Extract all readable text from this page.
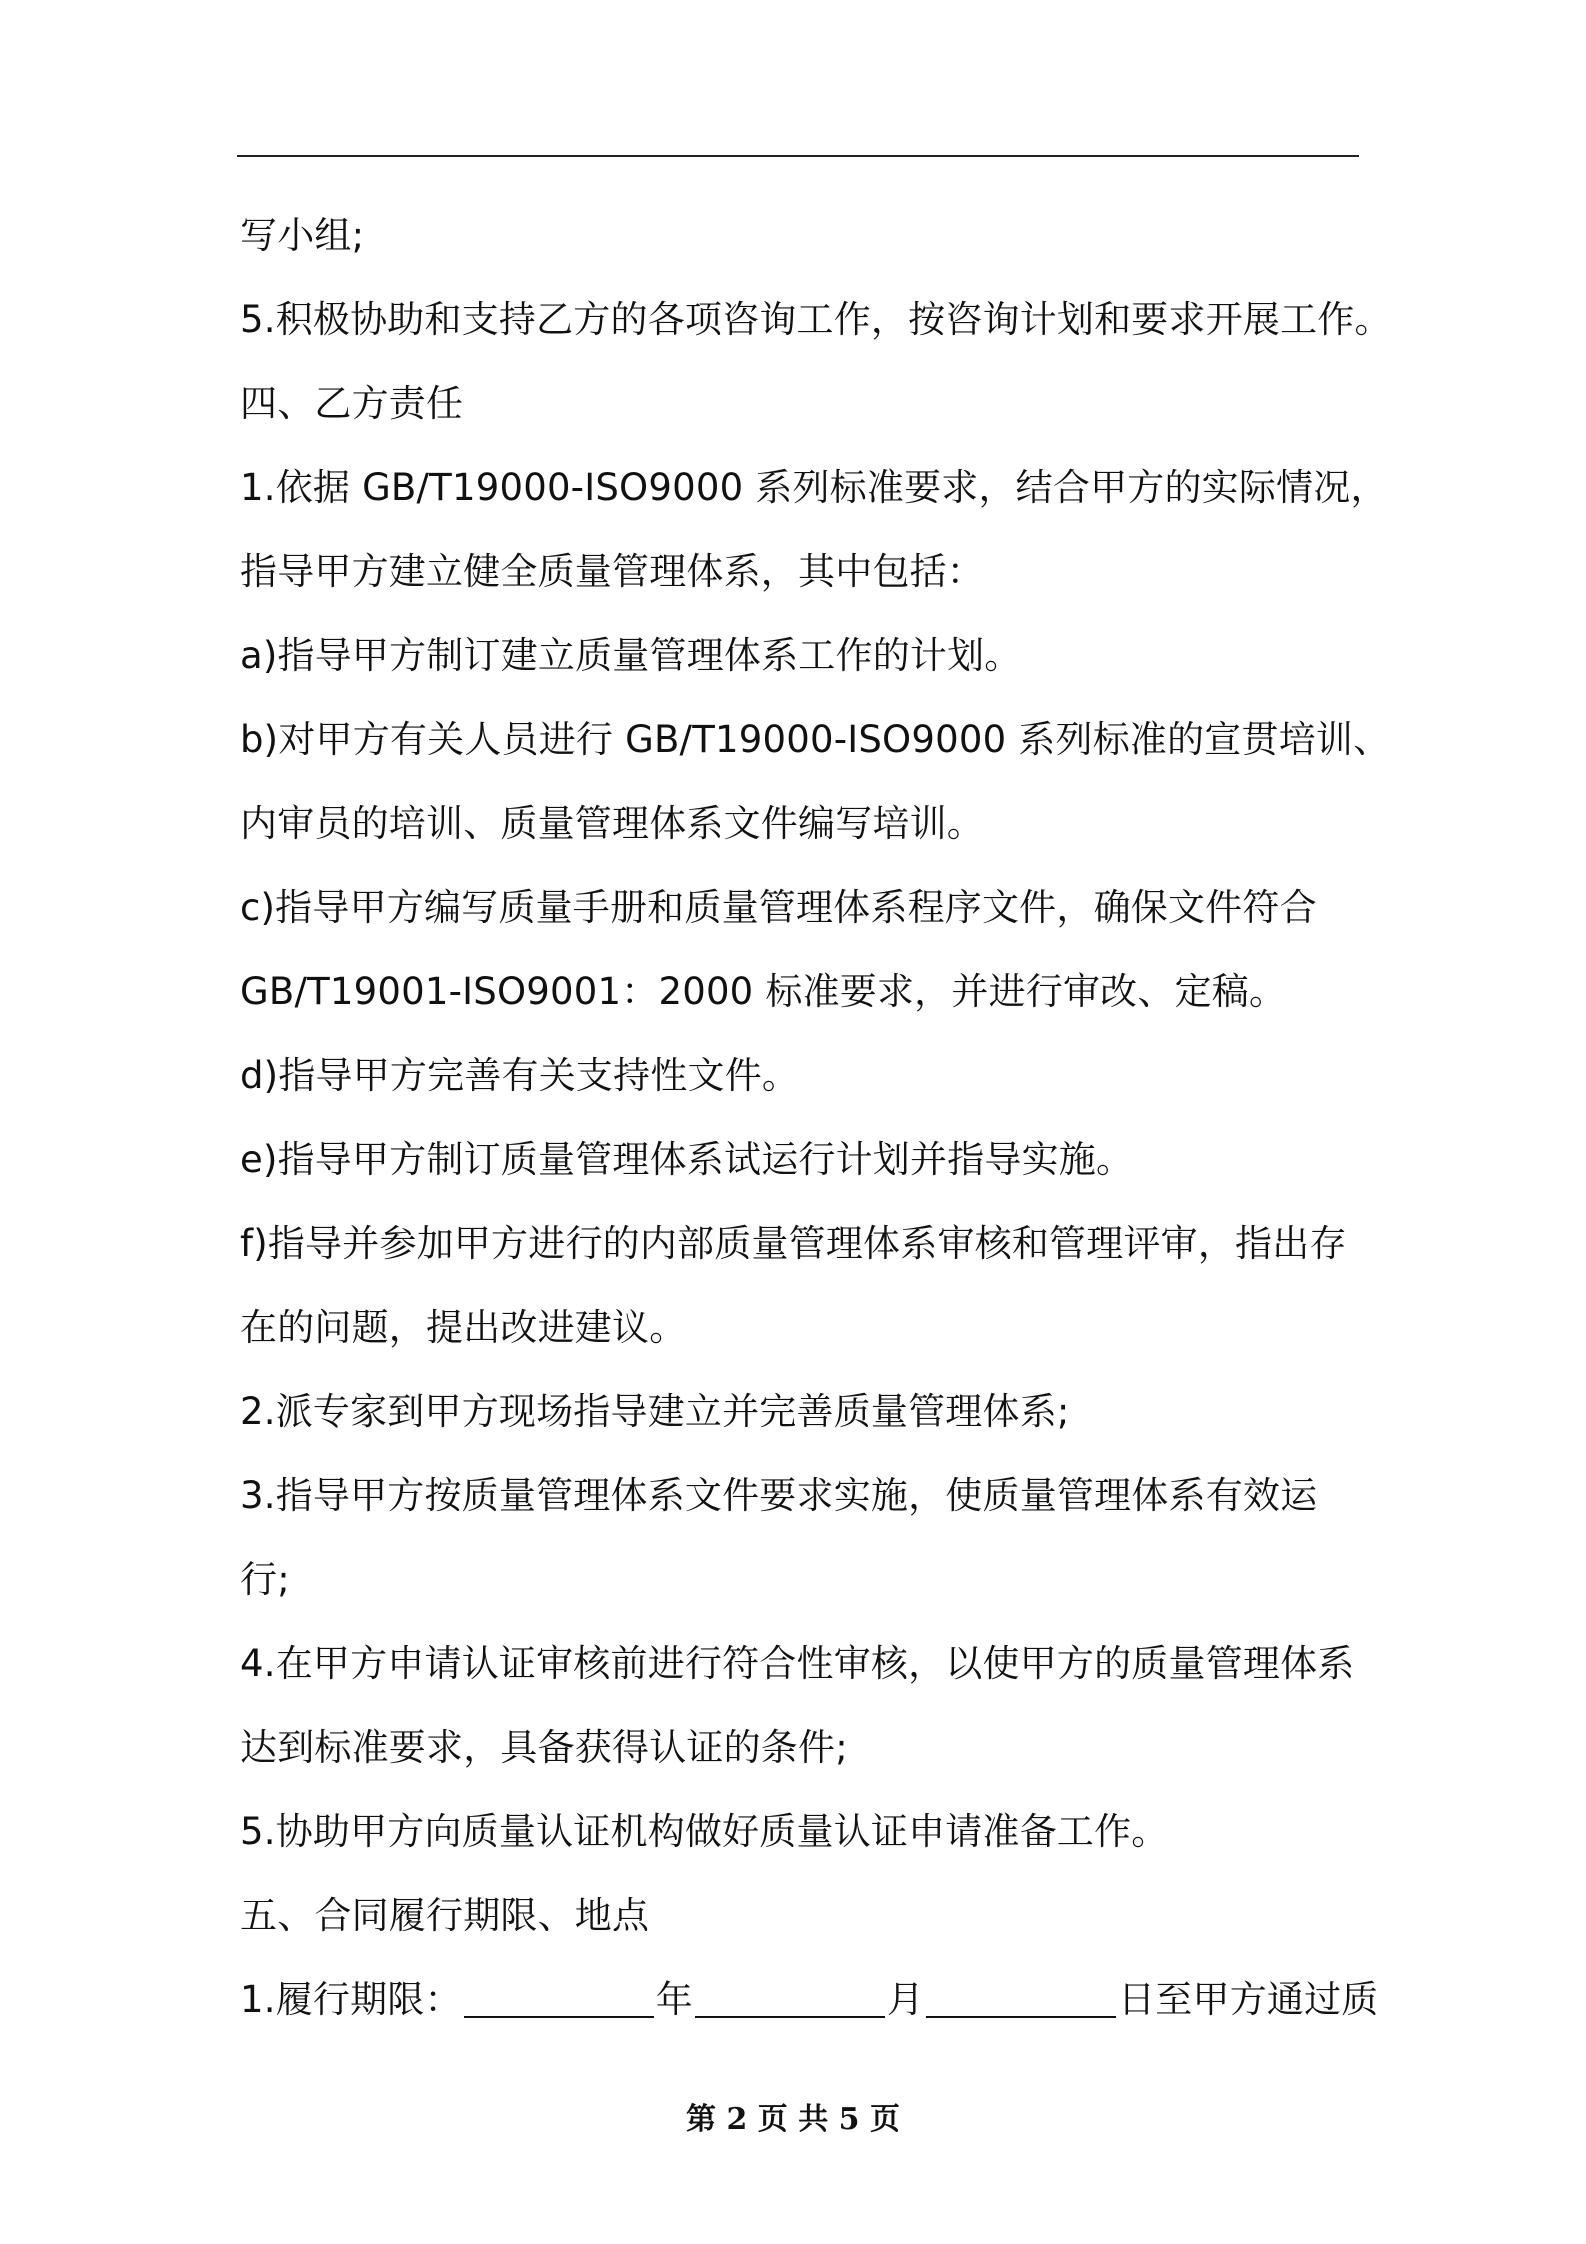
写小组;
5.积极协助和支持乙方的各项咨询工作，按咨询计划和要求开展工作。
四、乙方责任
1.依据 GB/T19000-ISO9000 系列标准要求，结合甲方的实际情况，
指导甲方建立健全质量管理体系，其中包括：
a)指导甲方制订建立质量管理体系工作的计划。
b)对甲方有关人员进行 GB/T19000-ISO9000 系列标准的宣贯培训、
内审员的培训、质量管理体系文件编写培训。
c)指导甲方编写质量手册和质量管理体系程序文件，确保文件符合
GB/T19001-ISO9001：2000 标准要求，并进行审改、定稿。
d)指导甲方完善有关支持性文件。
e)指导甲方制订质量管理体系试运行计划并指导实施。
f)指导并参加甲方进行的内部质量管理体系审核和管理评审，指出存
在的问题，提出改进建议。
2.派专家到甲方现场指导建立并完善质量管理体系;
3.指导甲方按质量管理体系文件要求实施，使质量管理体系有效运
行;
4.在甲方申请认证审核前进行符合性审核，以使甲方的质量管理体系
达到标准要求，具备获得认证的条件;
5.协助甲方向质量认证机构做好质量认证申请准备工作。
五、合同履行期限、地点
1.履行期限：	年	月	日至甲方通过质
第 2 页 共 5 页
